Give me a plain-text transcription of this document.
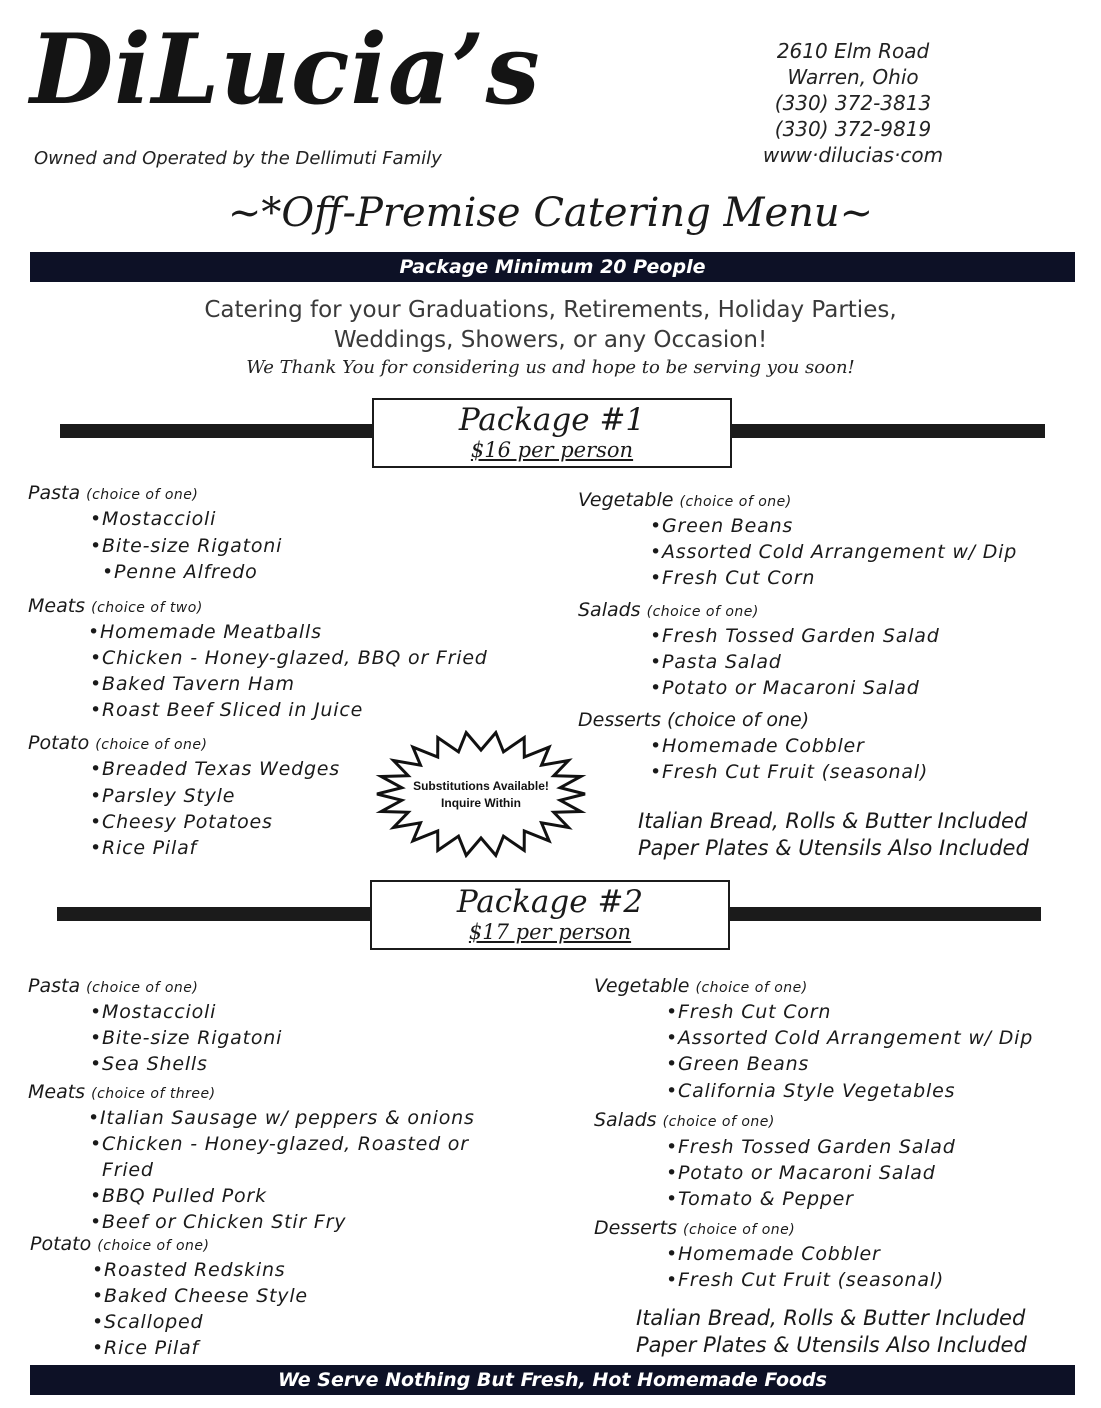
DiLucia’s
Owned and Operated by the Dellimuti Family
2610 Elm Road
Warren, Ohio
(330) 372-3813
(330) 372-9819
www·dilucias·com
~*Off-Premise Catering Menu~
Package Minimum 20 People
Catering for your Graduations, Retirements, Holiday Parties,
Weddings, Showers, or any Occasion!
We Thank You for considering us and hope to be serving you soon!
Package #1
$16 per person
Pasta (choice of one)
•Mostaccioli
•Bite-size Rigatoni
•Penne Alfredo
Meats (choice of two)
•Homemade Meatballs
•Chicken - Honey-glazed, BBQ or Fried
•Baked Tavern Ham
•Roast Beef Sliced in Juice
Potato (choice of one)
•Breaded Texas Wedges
•Parsley Style
•Cheesy Potatoes
•Rice Pilaf
Substitutions Available!
Inquire Within
Vegetable (choice of one)
•Green Beans
•Assorted Cold Arrangement w/ Dip
•Fresh Cut Corn
Salads (choice of one)
•Fresh Tossed Garden Salad
•Pasta Salad
•Potato or Macaroni Salad
Desserts (choice of one)
•Homemade Cobbler
•Fresh Cut Fruit (seasonal)
Italian Bread, Rolls & Butter Included
Paper Plates & Utensils Also Included
Package #2
$17 per person
Pasta (choice of one)
•Mostaccioli
•Bite-size Rigatoni
•Sea Shells
Meats (choice of three)
•Italian Sausage w/ peppers & onions
•Chicken - Honey-glazed, Roasted or
Fried
•BBQ Pulled Pork
•Beef or Chicken Stir Fry
Potato (choice of one)
•Roasted Redskins
•Baked Cheese Style
•Scalloped
•Rice Pilaf
Vegetable (choice of one)
•Fresh Cut Corn
•Assorted Cold Arrangement w/ Dip
•Green Beans
•California Style Vegetables
Salads (choice of one)
•Fresh Tossed Garden Salad
•Potato or Macaroni Salad
•Tomato & Pepper
Desserts (choice of one)
•Homemade Cobbler
•Fresh Cut Fruit (seasonal)
Italian Bread, Rolls & Butter Included
Paper Plates & Utensils Also Included
We Serve Nothing But Fresh, Hot Homemade Foods
